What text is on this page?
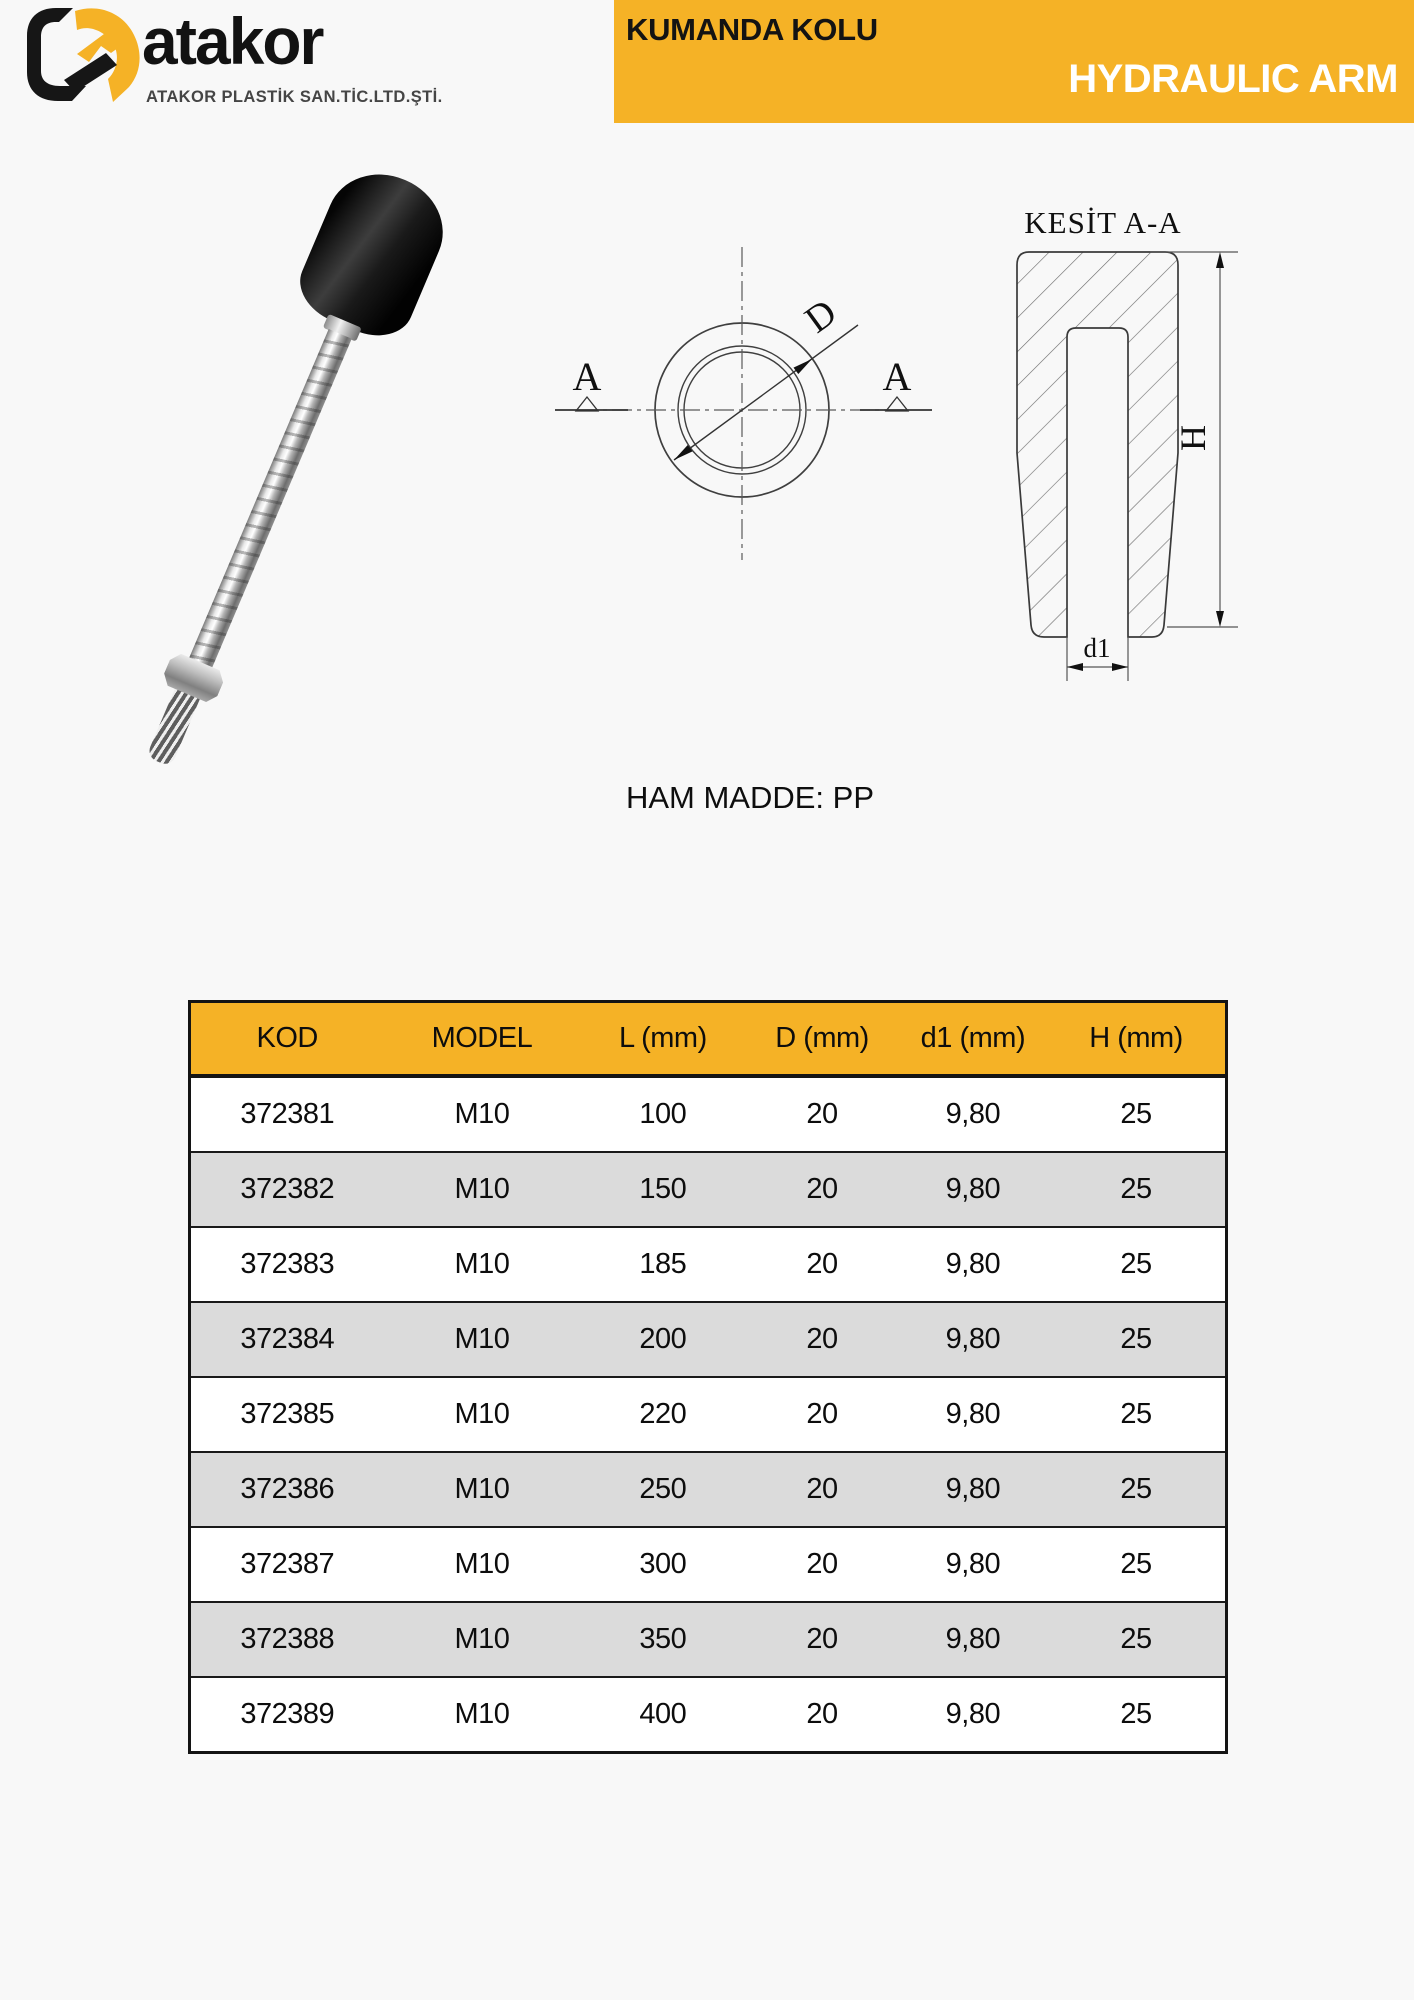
atakor
ATAKOR PLASTİK SAN.TİC.LTD.ŞTİ.
KUMANDA KOLU
HYDRAULIC ARM
A	A
D
KESİT A-A
H
d1
HAM MADDE: PP
KOD	MODEL	L (mm)	D (mm)	d1 (mm)	H (mm)
372381	M10	100	20	9,80	25
372382	M10	150	20	9,80	25
372383	M10	185	20	9,80	25
372384	M10	200	20	9,80	25
372385	M10	220	20	9,80	25
372386	M10	250	20	9,80	25
372387	M10	300	20	9,80	25
372388	M10	350	20	9,80	25
372389	M10	400	20	9,80	25
